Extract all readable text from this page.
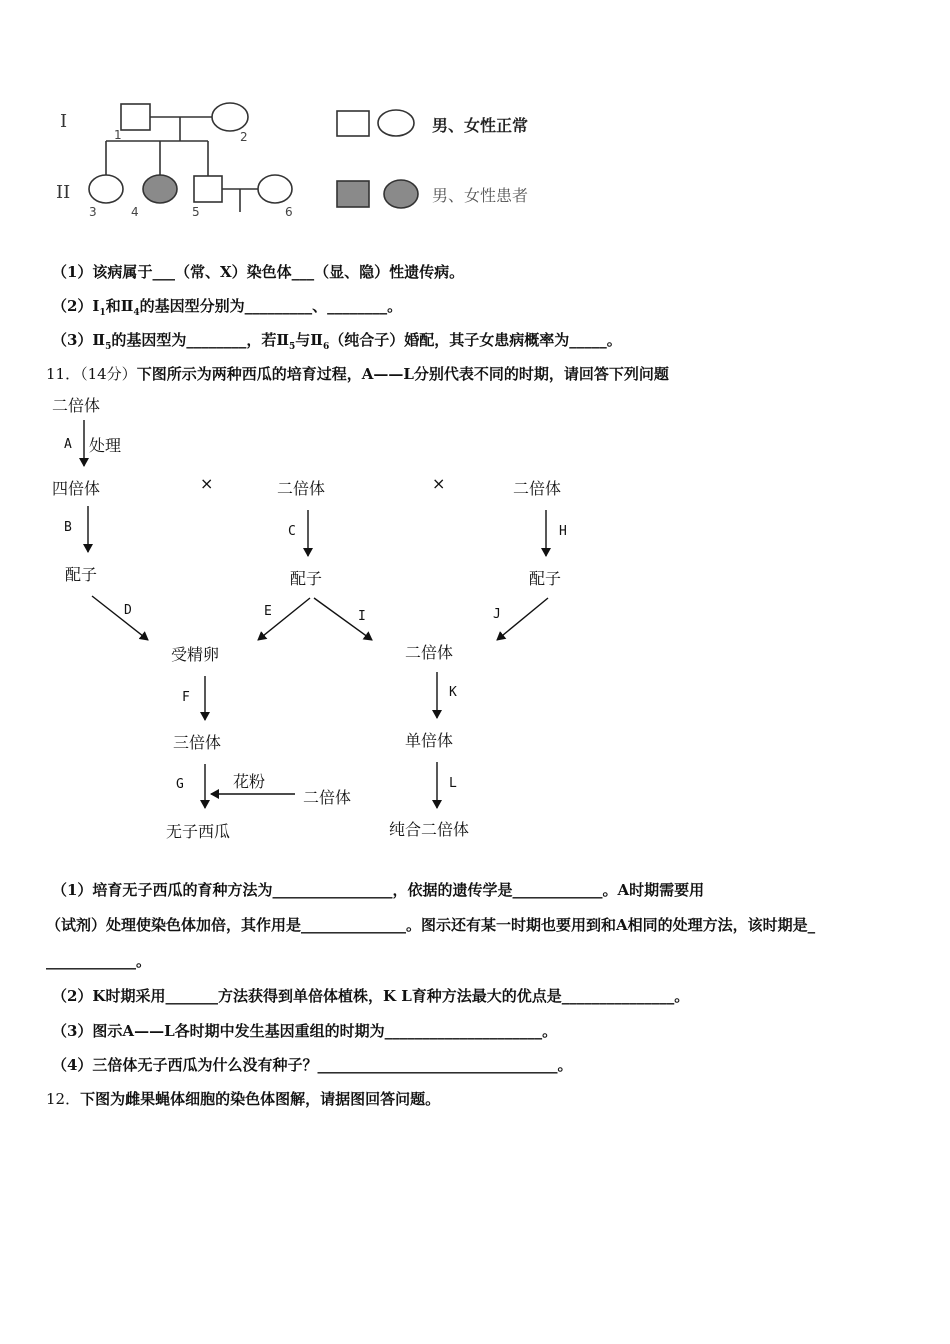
I
II
1	2
3	4	5	6
男、女性正常
男、女性患者
（1）该病属于___（常、X）染色体___（显、隐）性遗传病。
$(2)Ⅰ_1$和$Ⅱ_4$的基因型分别为_________、________。
$(3)Ⅱ_5$的基因型为________，若$Ⅱ_5$与$Ⅱ_6$（纯合子）婚配，其子女患病概率为_____。
11．（14分）下图所示为两种西瓜的培育过程，A——L分别代表不同的时期，请回答下列问题
二倍体
A 处理
四倍体	×	二倍体	×	二倍体
B	C	H
配子	配子	配子
D	E	I	J
受精卵	二倍体
F	K
三倍体	单倍体
G	花粉
二倍体
L
无子西瓜	纯合二倍体
（1）培育无子西瓜的育种方法为________________，依据的遗传学是____________。A时期需要用
（试剂）处理使染色体加倍，其作用是______________。图示还有某一时期也要用到和A相同的处理方法，该时期是_
____________。
（2）K时期采用_______方法获得到单倍体植株，K L育种方法最大的优点是_______________。
（3）图示A——L各时期中发生基因重组的时期为_____________________。
（4）三倍体无子西瓜为什么没有种子？________________________________。
12．下图为雌果蝇体细胞的染色体图解，请据图回答问题。
